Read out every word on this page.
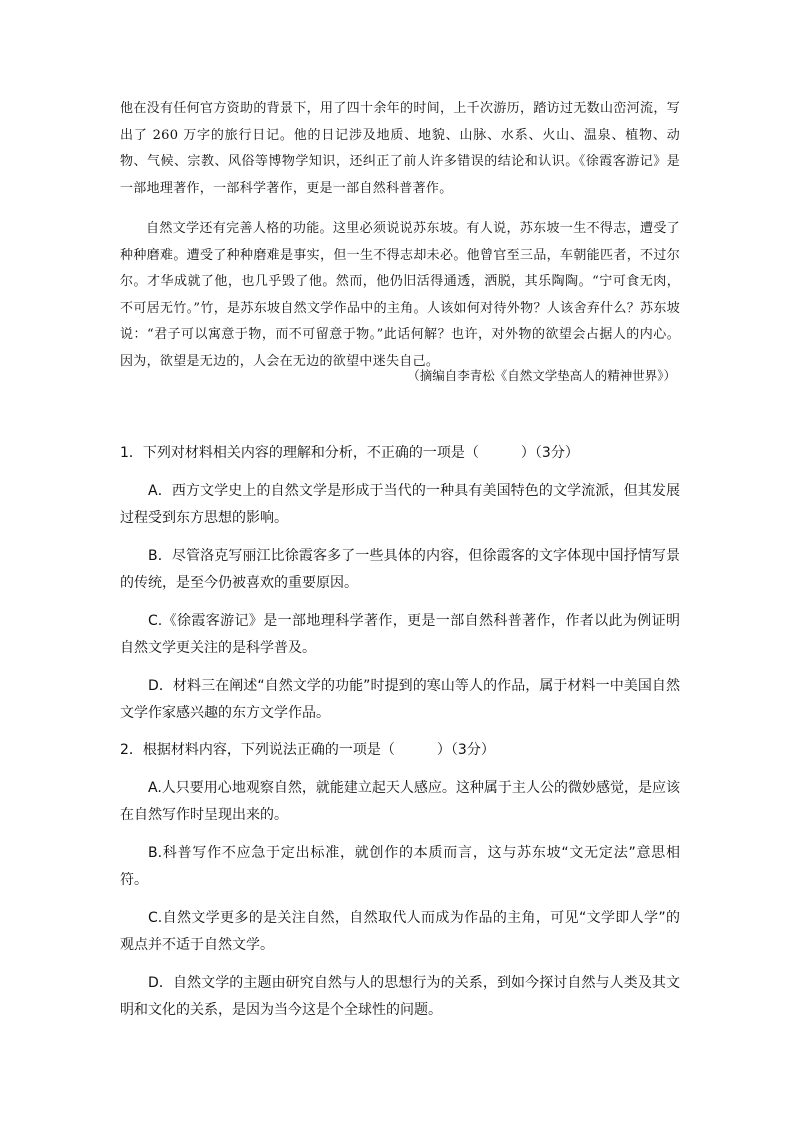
他在没有任何官方资助的背景下，用了四十余年的时间，上千次游历，踏访过无数山峦河流，写出了 260 万字的旅行日记。他的日记涉及地质、地貌、山脉、水系、火山、温泉、植物、动物、气候、宗教、风俗等博物学知识，还纠正了前人许多错误的结论和认识。《徐霞客游记》是一部地理著作，一部科学著作，更是一部自然科普著作。

自然文学还有完善人格的功能。这里必须说说苏东坡。有人说，苏东坡一生不得志，遭受了种种磨难。遭受了种种磨难是事实，但一生不得志却未必。他曾官至三品，车朝能匹者，不过尔尔。才华成就了他，也几乎毁了他。然而，他仍旧活得通透，洒脱，其乐陶陶。“宁可食无肉，不可居无竹。”竹，是苏东坡自然文学作品中的主角。人该如何对待外物？人该舍弃什么？苏东坡说：“君子可以寓意于物，而不可留意于物。”此话何解？也许，对外物的欲望会占据人的内心。因为，欲望是无边的，人会在无边的欲望中迷失自己。

（摘编自李青松《自然文学垫高人的精神世界》）

1．下列对材料相关内容的理解和分析，不正确的一项是（　　　）（3分）

A．西方文学史上的自然文学是形成于当代的一种具有美国特色的文学流派，但其发展过程受到东方思想的影响。

B．尽管洛克写丽江比徐霞客多了一些具体的内容，但徐霞客的文字体现中国抒情写景的传统，是至今仍被喜欢的重要原因。

C.《徐霞客游记》是一部地理科学著作，更是一部自然科普著作，作者以此为例证明自然文学更关注的是科学普及。

D．材料三在阐述“自然文学的功能”时提到的寒山等人的作品，属于材料一中美国自然文学作家感兴趣的东方文学作品。

2．根据材料内容，下列说法正确的一项是（　　　）（3分）

A.人只要用心地观察自然，就能建立起天人感应。这种属于主人公的微妙感觉，是应该在自然写作时呈现出来的。

B.科普写作不应急于定出标准，就创作的本质而言，这与苏东坡“文无定法”意思相符。

C.自然文学更多的是关注自然，自然取代人而成为作品的主角，可见“文学即人学”的观点并不适于自然文学。

D．自然文学的主题由研究自然与人的思想行为的关系，到如今探讨自然与人类及其文明和文化的关系，是因为当今这是个全球性的问题。
